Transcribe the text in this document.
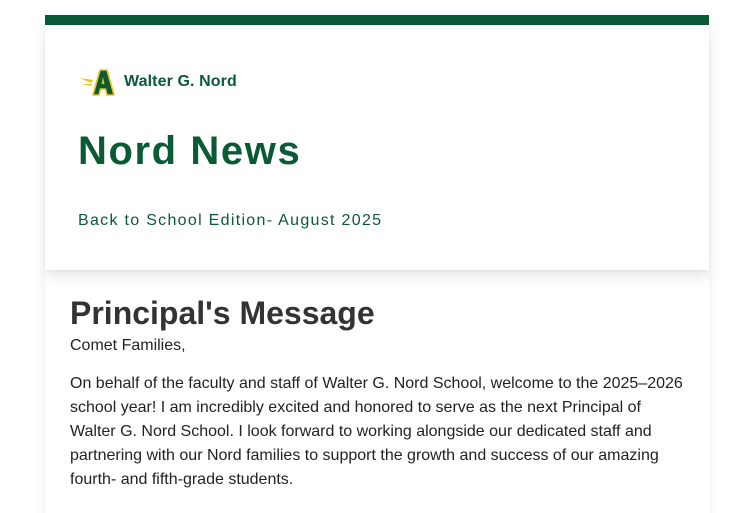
Walter G. Nord
Nord News
Back to School Edition- August 2025
Principal's Message

Comet Families,

On behalf of the faculty and staff of Walter G. Nord School, welcome to the 2025–2026 school year! I am incredibly excited and honored to serve as the next Principal of Walter G. Nord School. I look forward to working alongside our dedicated staff and partnering with our Nord families to support the growth and success of our amazing fourth- and fifth-grade students.
